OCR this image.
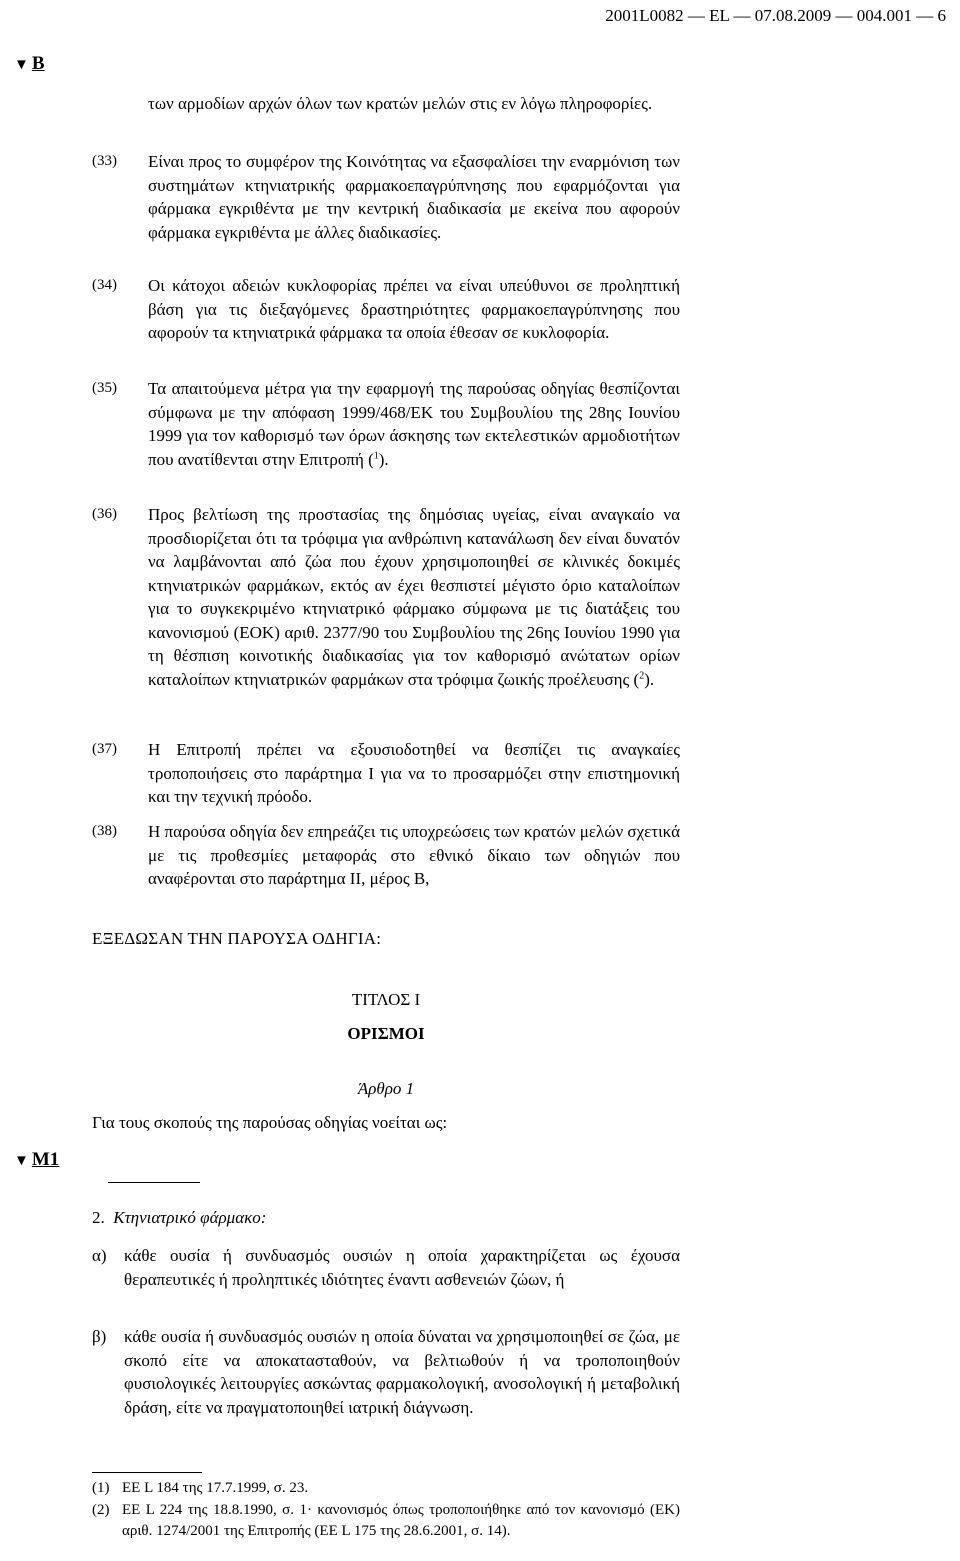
2001L0082 — EL — 07.08.2009 — 004.001 — 6
▼ B
των αρμοδίων αρχών όλων των κρατών μελών στις εν λόγω πληροφορίες.
(33) Είναι προς το συμφέρον της Κοινότητας να εξασφαλίσει την εναρμόνιση των συστημάτων κτηνιατρικής φαρμακοεπαγρύπνησης που εφαρμόζονται για φάρμακα εγκριθέντα με την κεντρική διαδικασία με εκείνα που αφορούν φάρμακα εγκριθέντα με άλλες διαδικασίες.
(34) Οι κάτοχοι αδειών κυκλοφορίας πρέπει να είναι υπεύθυνοι σε προληπτική βάση για τις διεξαγόμενες δραστηριότητες φαρμακοεπαγρύπνησης που αφορούν τα κτηνιατρικά φάρμακα τα οποία έθεσαν σε κυκλοφορία.
(35) Τα απαιτούμενα μέτρα για την εφαρμογή της παρούσας οδηγίας θεσπίζονται σύμφωνα με την απόφαση 1999/468/ΕΚ του Συμβουλίου της 28ης Ιουνίου 1999 για τον καθορισμό των όρων άσκησης των εκτελεστικών αρμοδιοτήτων που ανατίθενται στην Επιτροπή ($^1$).
(36) Προς βελτίωση της προστασίας της δημόσιας υγείας, είναι αναγκαίο να προσδιορίζεται ότι τα τρόφιμα για ανθρώπινη κατανάλωση δεν είναι δυνατόν να λαμβάνονται από ζώα που έχουν χρησιμοποιηθεί σε κλινικές δοκιμές κτηνιατρικών φαρμάκων, εκτός αν έχει θεσπιστεί μέγιστο όριο καταλοίπων για το συγκεκριμένο κτηνιατρικό φάρμακο σύμφωνα με τις διατάξεις του κανονισμού (ΕΟΚ) αριθ. 2377/90 του Συμβουλίου της 26ης Ιουνίου 1990 για τη θέσπιση κοινοτικής διαδικασίας για τον καθορισμό ανώτατων ορίων καταλοίπων κτηνιατρικών φαρμάκων στα τρόφιμα ζωικής προέλευσης ($^2$).
(37) Η Επιτροπή πρέπει να εξουσιοδοτηθεί να θεσπίζει τις αναγκαίες τροποποιήσεις στο παράρτημα I για να το προσαρμόζει στην επιστημονική και την τεχνική πρόοδο.
(38) Η παρούσα οδηγία δεν επηρεάζει τις υποχρεώσεις των κρατών μελών σχετικά με τις προθεσμίες μεταφοράς στο εθνικό δίκαιο των οδηγιών που αναφέρονται στο παράρτημα II, μέρος Β,
ΕΞΕΔΩΣΑΝ ΤΗΝ ΠΑΡΟΥΣΑ ΟΔΗΓΙΑ:
ΤΙΤΛΟΣ I
ΟΡΙΣΜΟΙ
Άρθρο 1
Για τους σκοπούς της παρούσας οδηγίας νοείται ως:
▼ M1
2. Κτηνιατρικό φάρμακο:
α) κάθε ουσία ή συνδυασμός ουσιών η οποία χαρακτηρίζεται ως έχουσα θεραπευτικές ή προληπτικές ιδιότητες έναντι ασθενειών ζώων, ή
β) κάθε ουσία ή συνδυασμός ουσιών η οποία δύναται να χρησιμοποιηθεί σε ζώα, με σκοπό είτε να αποκατασταθούν, να βελτιωθούν ή να τροποποιηθούν φυσιολογικές λειτουργίες ασκώντας φαρμακολογική, ανοσολογική ή μεταβολική δράση, είτε να πραγματοποιηθεί ιατρική διάγνωση.
(1) ΕΕ L 184 της 17.7.1999, σ. 23.
(2) ΕΕ L 224 της 18.8.1990, σ. 1· κανονισμός όπως τροποποιήθηκε από τον κανονισμό (ΕΚ) αριθ. 1274/2001 της Επιτροπής (ΕΕ L 175 της 28.6.2001, σ. 14).
